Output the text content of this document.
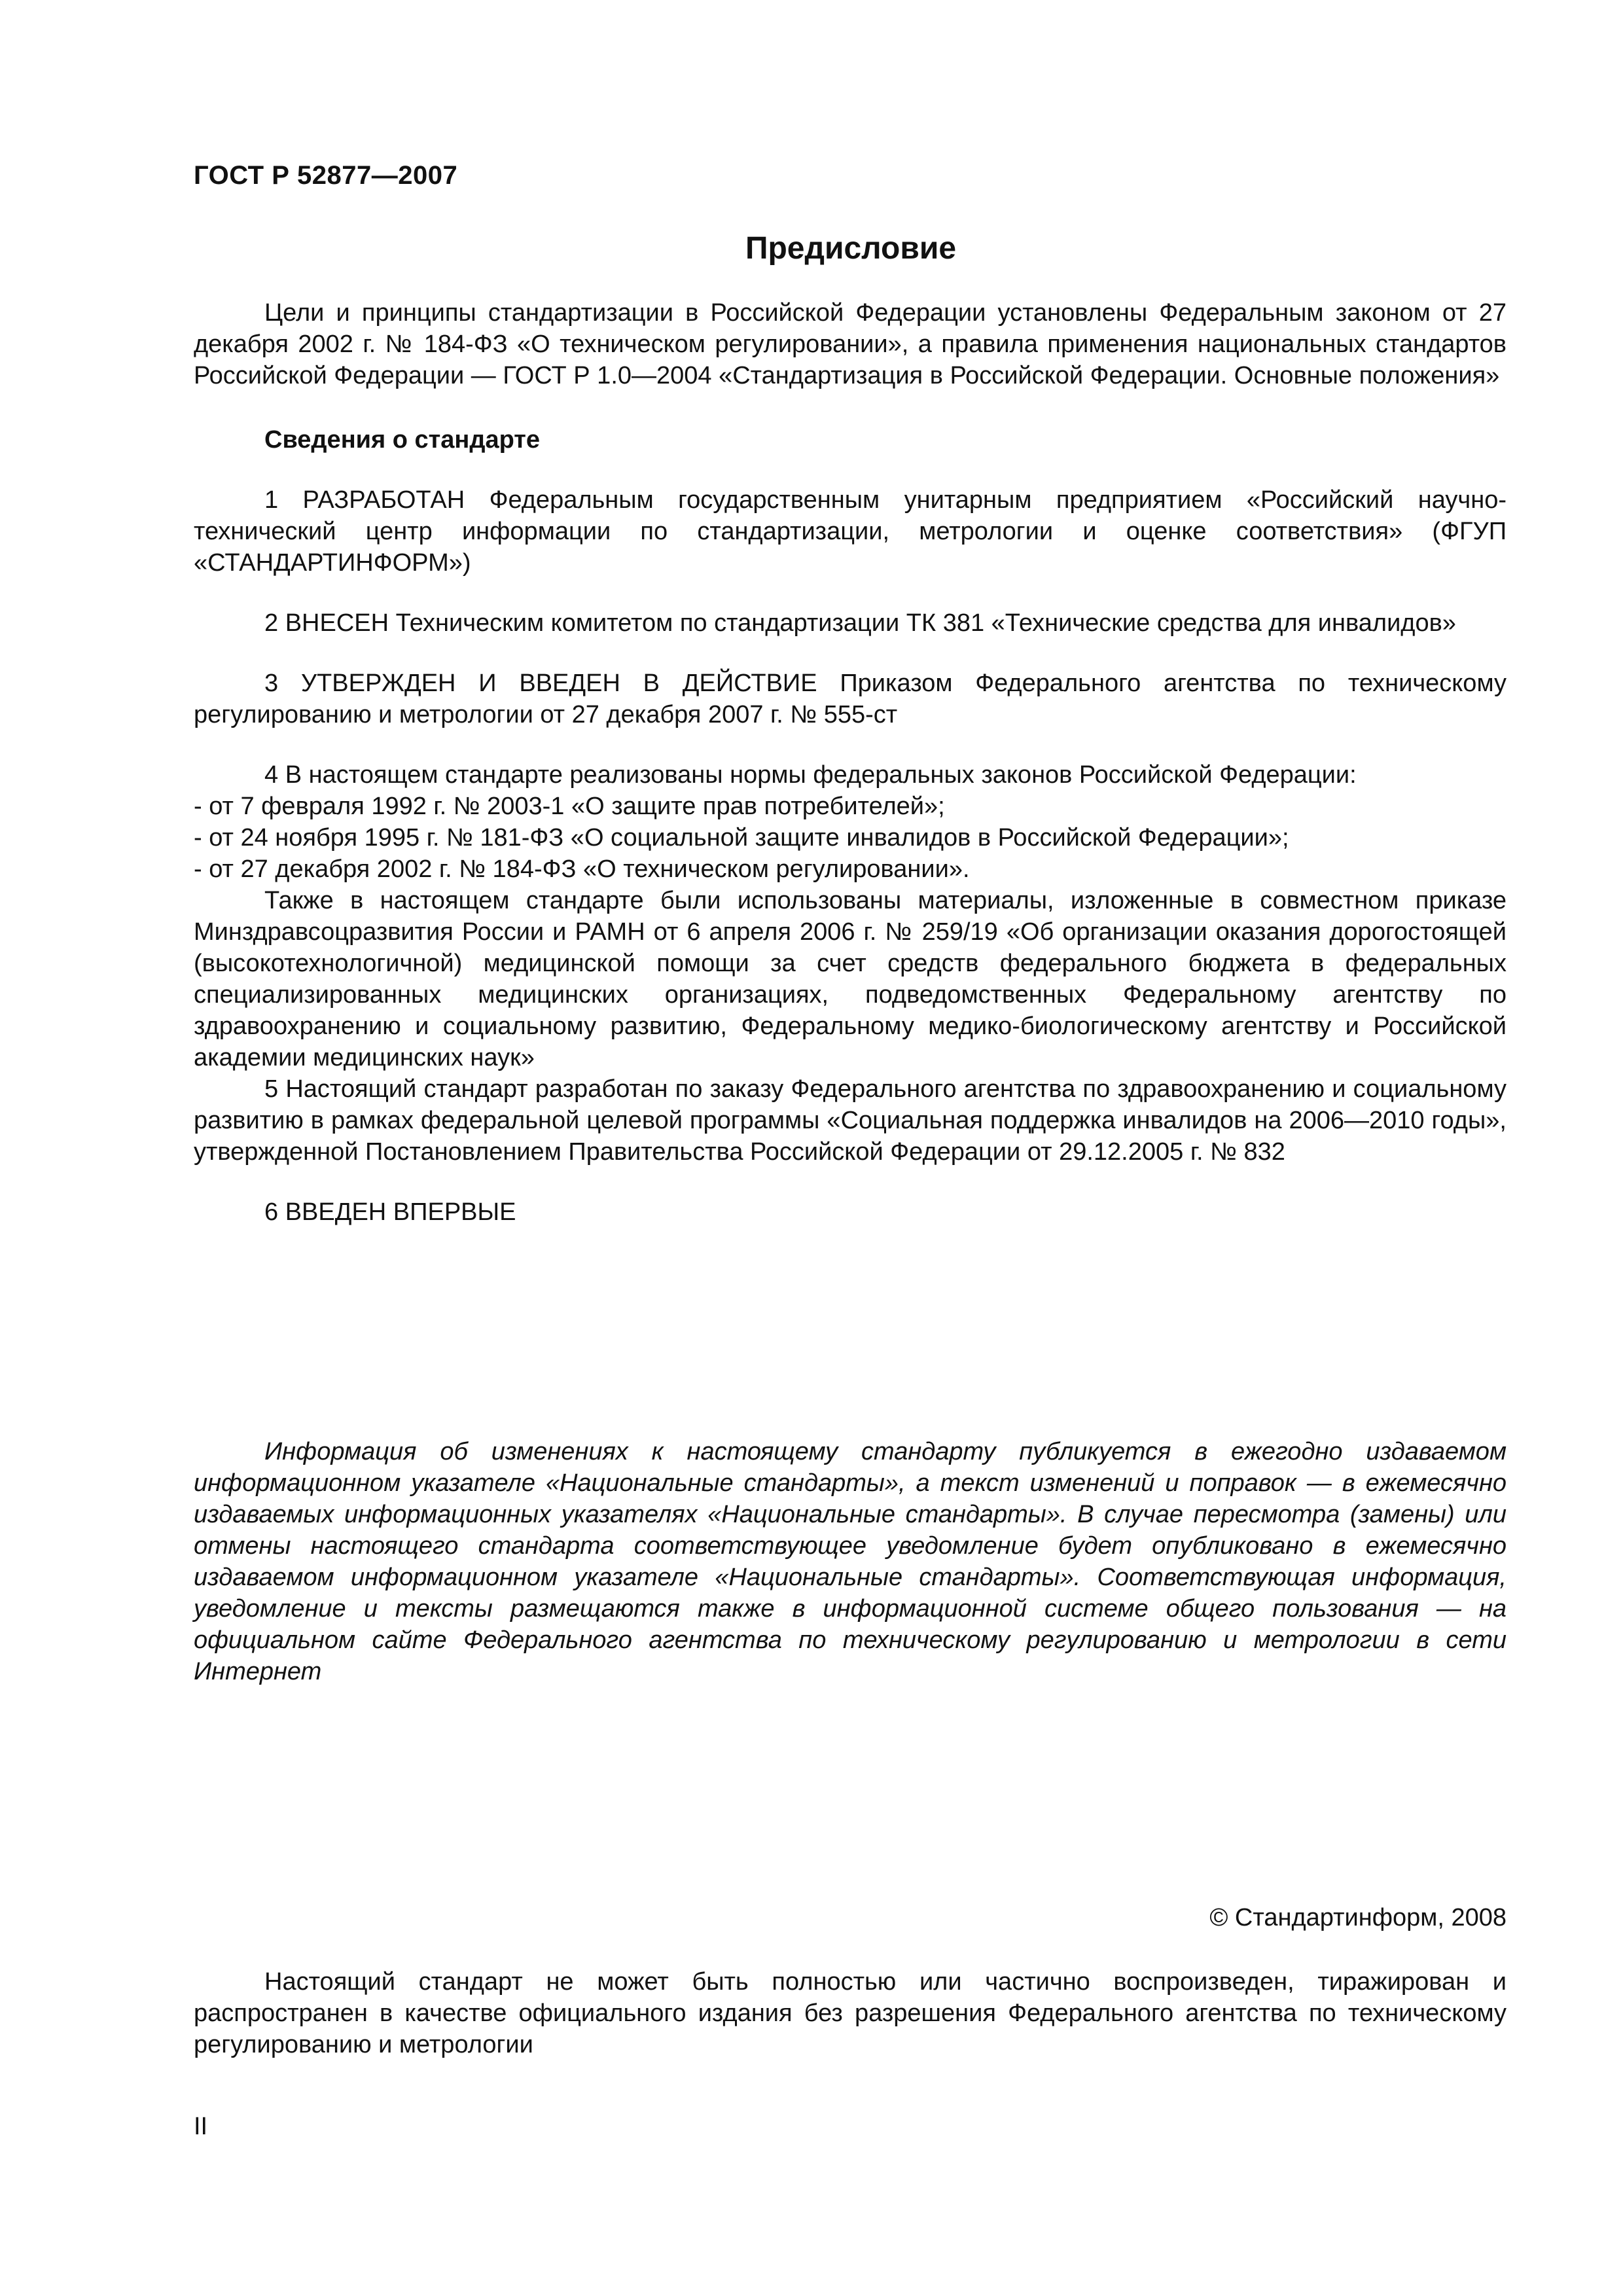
ГОСТ Р 52877—2007
Предисловие

Цели и принципы стандартизации в Российской Федерации установлены Федеральным законом от 27 декабря 2002 г. № 184-ФЗ «О техническом регулировании», а правила применения национальных стандартов Российской Федерации — ГОСТ Р 1.0—2004 «Стандартизация в Российской Федерации. Основные положения»

Сведения о стандарте

1 РАЗРАБОТАН Федеральным государственным унитарным предприятием «Российский научно-технический центр информации по стандартизации, метрологии и оценке соответствия» (ФГУП «СТАНДАРТИНФОРМ»)

2 ВНЕСЕН Техническим комитетом по стандартизации ТК 381 «Технические средства для инвалидов»

3 УТВЕРЖДЕН И ВВЕДЕН В ДЕЙСТВИЕ Приказом Федерального агентства по техническому регулированию и метрологии от 27 декабря 2007 г. № 555-ст

4 В настоящем стандарте реализованы нормы федеральных законов Российской Федерации:

- от 7 февраля 1992 г. № 2003-1 «О защите прав потребителей»;

- от 24 ноября 1995 г. № 181-ФЗ «О социальной защите инвалидов в Российской Федерации»;

- от 27 декабря 2002 г. № 184-ФЗ «О техническом регулировании».

Также в настоящем стандарте были использованы материалы, изложенные в совместном приказе Минздравсоцразвития России и РАМН от 6 апреля 2006 г. № 259/19 «Об организации оказания дорогостоящей (высокотехнологичной) медицинской помощи за счет средств федерального бюджета в федеральных специализированных медицинских организациях, подведомственных Федеральному агентству по здравоохранению и социальному развитию, Федеральному медико-биологическому агентству и Российской академии медицинских наук»

5 Настоящий стандарт разработан по заказу Федерального агентства по здравоохранению и социальному развитию в рамках федеральной целевой программы «Социальная поддержка инвалидов на 2006—2010 годы», утвержденной Постановлением Правительства Российской Федерации от 29.12.2005 г. № 832

6 ВВЕДЕН ВПЕРВЫЕ

Информация об изменениях к настоящему стандарту публикуется в ежегодно издаваемом информационном указателе «Национальные стандарты», а текст изменений и поправок — в ежемесячно издаваемых информационных указателях «Национальные стандарты». В случае пересмотра (замены) или отмены настоящего стандарта соответствующее уведомление будет опубликовано в ежемесячно издаваемом информационном указателе «Национальные стандарты». Соответствующая информация, уведомление и тексты размещаются также в информационной системе общего пользования — на официальном сайте Федерального агентства по техническому регулированию и метрологии в сети Интернет

© Стандартинформ, 2008

Настоящий стандарт не может быть полностью или частично воспроизведен, тиражирован и распространен в качестве официального издания без разрешения Федерального агентства по техническому регулированию и метрологии

II
